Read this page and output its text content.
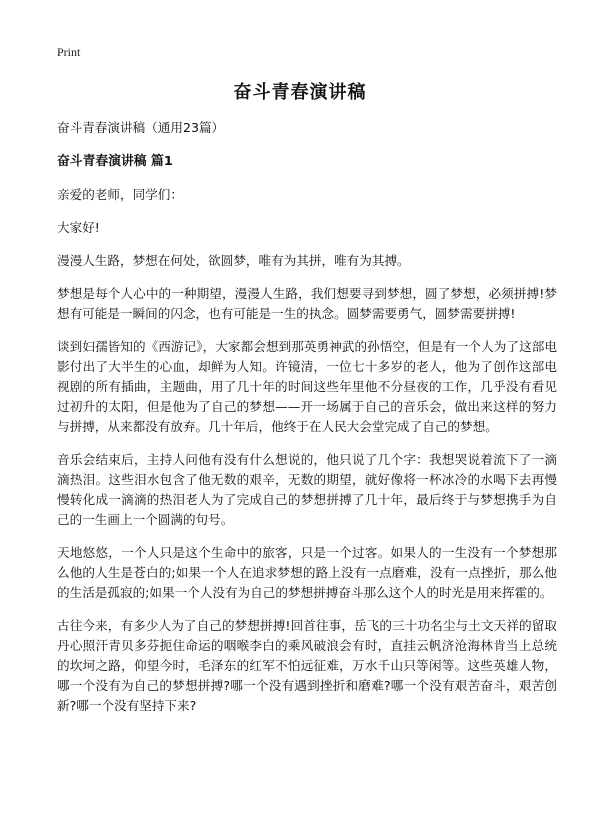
Print
奋斗青春演讲稿

奋斗青春演讲稿（通用23篇）

奋斗青春演讲稿 篇1

亲爱的老师，同学们：

大家好!

漫漫人生路，梦想在何处，欲圆梦，唯有为其拼，唯有为其搏。

梦想是每个人心中的一种期望，漫漫人生路，我们想要寻到梦想，圆了梦想，必须拼搏!梦想有可能是一瞬间的闪念，也有可能是一生的执念。圆梦需要勇气，圆梦需要拼搏!

谈到妇孺皆知的《西游记》，大家都会想到那英勇神武的孙悟空，但是有一个人为了这部电影付出了大半生的心血，却鲜为人知。许镜清，一位七十多岁的老人，他为了创作这部电视剧的所有插曲，主题曲，用了几十年的时间这些年里他不分昼夜的工作，几乎没有看见过初升的太阳，但是他为了自己的梦想——开一场属于自己的音乐会，做出来这样的努力与拼搏，从来都没有放弃。几十年后，他终于在人民大会堂完成了自己的梦想。

音乐会结束后，主持人问他有没有什么想说的，他只说了几个字：我想哭说着流下了一滴滴热泪。这些泪水包含了他无数的艰辛，无数的期望，就好像将一杯冰冷的水喝下去再慢慢转化成一滴滴的热泪老人为了完成自己的梦想拼搏了几十年，最后终于与梦想携手为自己的一生画上一个圆满的句号。

天地悠悠，一个人只是这个生命中的旅客，只是一个过客。如果人的一生没有一个梦想那么他的人生是苍白的;如果一个人在追求梦想的路上没有一点磨难，没有一点挫折，那么他的生活是孤寂的;如果一个人没有为自己的梦想拼搏奋斗那么这个人的时光是用来挥霍的。

古往今来，有多少人为了自己的梦想拼搏!回首往事，岳飞的三十功名尘与土文天祥的留取丹心照汗青贝多芬扼住命运的咽喉李白的乘风破浪会有时，直挂云帆济沧海林肯当上总统的坎坷之路，仰望今时，毛泽东的红军不怕远征难，万水千山只等闲等。这些英雄人物，哪一个没有为自己的梦想拼搏?哪一个没有遇到挫折和磨难?哪一个没有艰苦奋斗，艰苦创新?哪一个没有坚持下来?
